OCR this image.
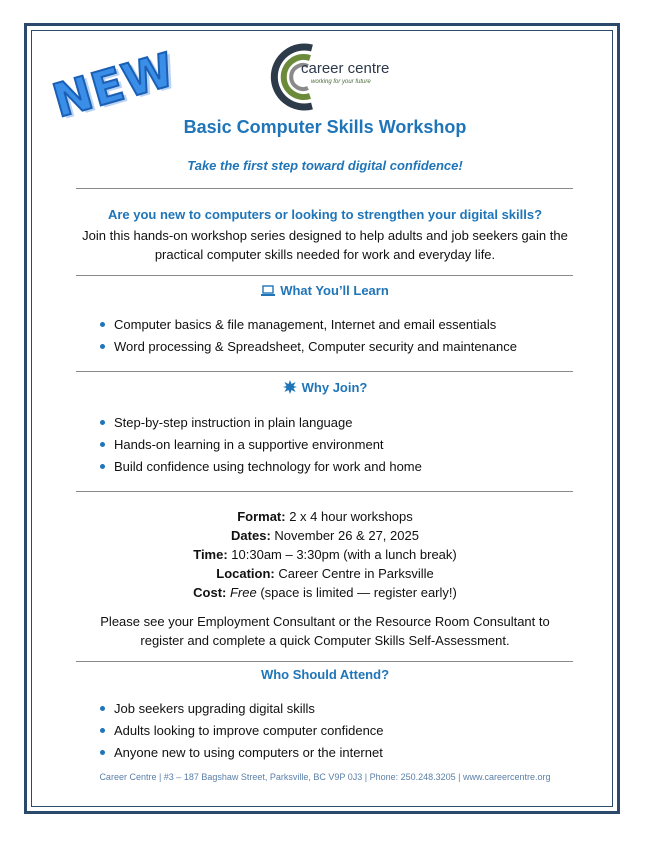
NEW	career centre
working for your future
Basic Computer Skills Workshop
Take the first step toward digital confidence!
Are you new to computers or looking to strengthen your digital skills?
Join this hands-on workshop series designed to help adults and job seekers gain the practical computer skills needed for work and everyday life.
What You’ll Learn
Computer basics & file management, Internet and email essentials
Word processing & Spreadsheet, Computer security and maintenance
Why Join?
Step-by-step instruction in plain language
Hands-on learning in a supportive environment
Build confidence using technology for work and home
Format: 2 x 4 hour workshops
Dates: November 26 & 27, 2025
Time: 10:30am – 3:30pm (with a lunch break)
Location: Career Centre in Parksville
Cost: Free (space is limited — register early!)
Please see your Employment Consultant or the Resource Room Consultant to register and complete a quick Computer Skills Self-Assessment.
Who Should Attend?
Job seekers upgrading digital skills
Adults looking to improve computer confidence
Anyone new to using computers or the internet
Career Centre | #3 – 187 Bagshaw Street, Parksville, BC V9P 0J3 | Phone: 250.248.3205 | www.careercentre.org
